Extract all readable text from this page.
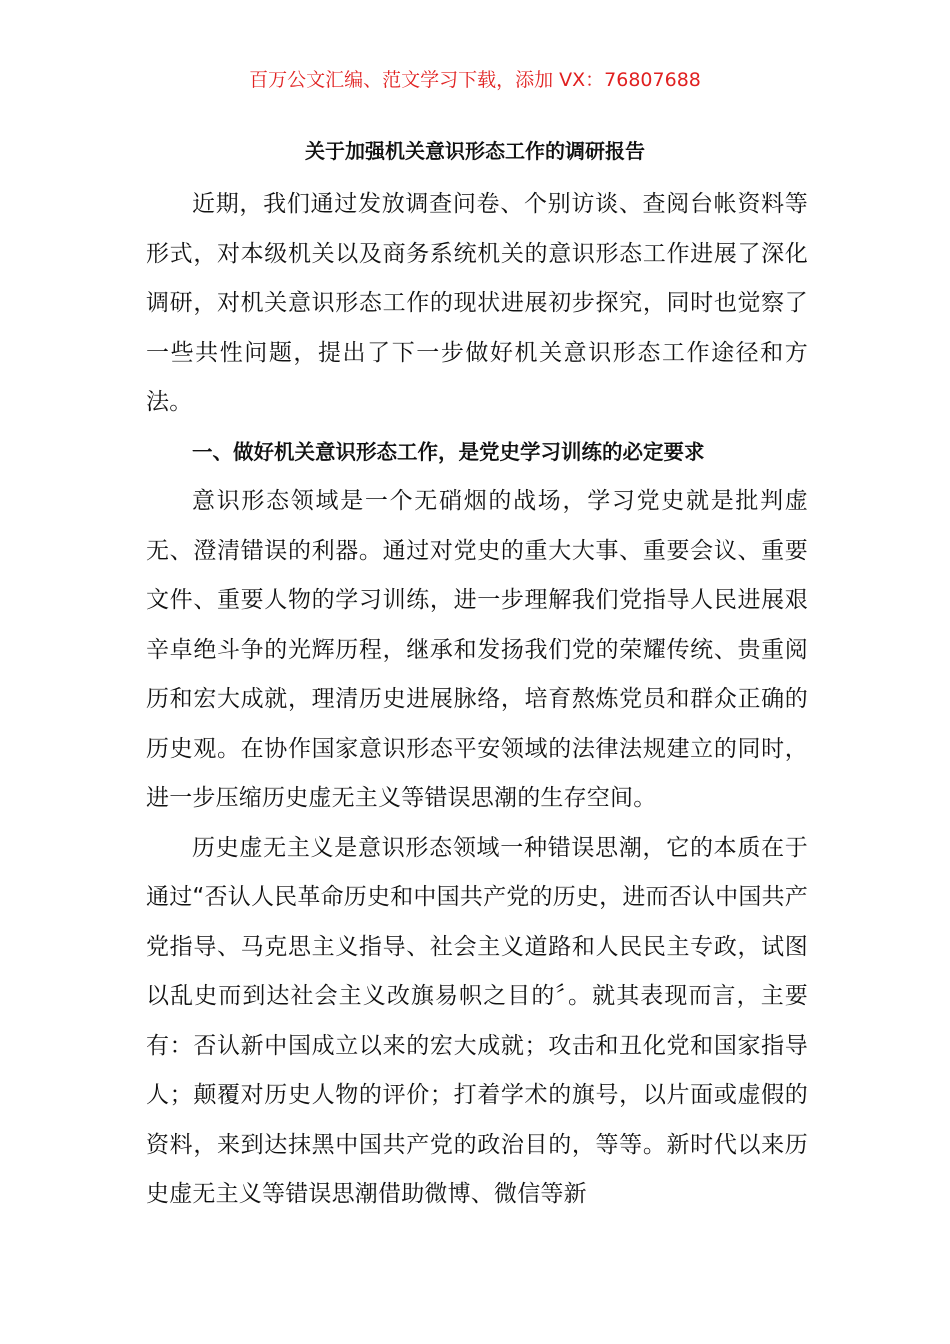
百万公文汇编、范文学习下载，添加 VX：76807688
关于加强机关意识形态工作的调研报告

近期，我们通过发放调查问卷、个别访谈、查阅台帐资料等形式，对本级机关以及商务系统机关的意识形态工作进展了深化调研，对机关意识形态工作的现状进展初步探究，同时也觉察了一些共性问题，提出了下一步做好机关意识形态工作途径和方法。

一、做好机关意识形态工作，是党史学习训练的必定要求

意识形态领域是一个无硝烟的战场，学习党史就是批判虚无、澄清错误的利器。通过对党史的重大大事、重要会议、重要文件、重要人物的学习训练，进一步理解我们党指导人民进展艰辛卓绝斗争的光辉历程，继承和发扬我们党的荣耀传统、贵重阅历和宏大成就，理清历史进展脉络，培育熬炼党员和群众正确的历史观。在协作国家意识形态平安领域的法律法规建立的同时，进一步压缩历史虚无主义等错误思潮的生存空间。

历史虚无主义是意识形态领域一种错误思潮，它的本质在于通过“否认人民革命历史和中国共产党的历史，进而否认中国共产党指导、马克思主义指导、社会主义道路和人民民主专政，试图以乱史而到达社会主义改旗易帜之目的〞。就其表现而言，主要有：否认新中国成立以来的宏大成就；攻击和丑化党和国家指导人；颠覆对历史人物的评价；打着学术的旗号，以片面或虚假的资料，来到达抹黑中国共产党的政治目的，等等。新时代以来历史虚无主义等错误思潮借助微博、微信等新
